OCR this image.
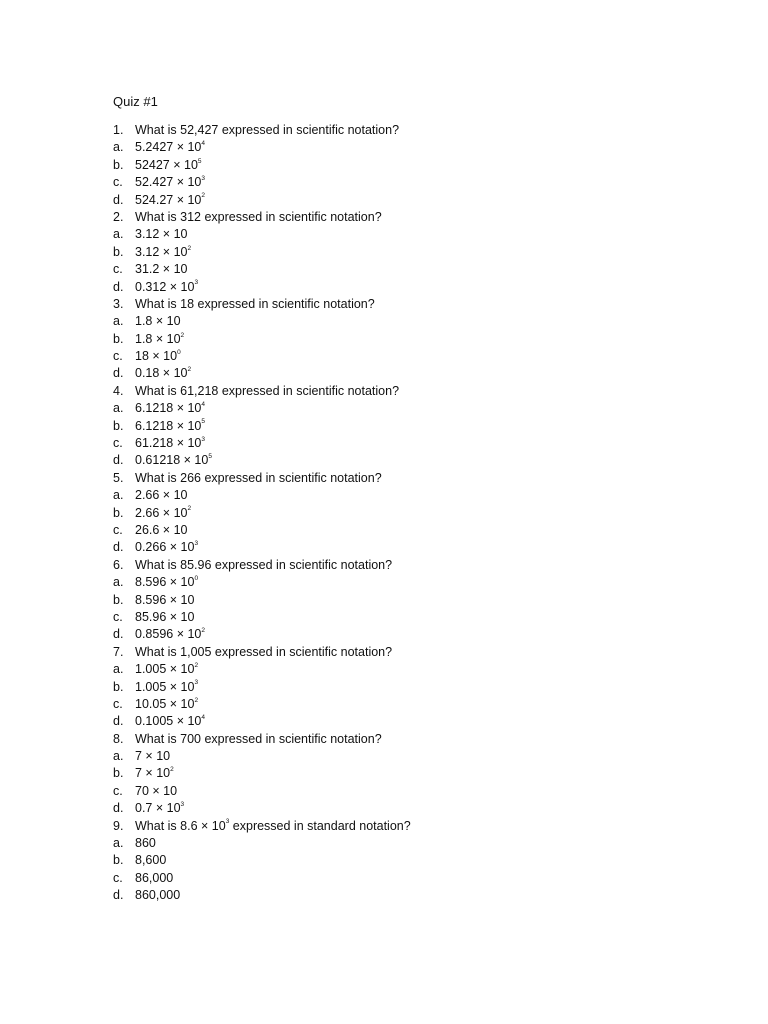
Quiz #1
1. What is 52,427 expressed in scientific notation?
a. $5.2427 \times 10^4$
b. $52427 \times 10^5$
c. $52.427 \times 10^3$
d. $524.27 \times 10^2$
2. What is 312 expressed in scientific notation?
a. 3.12 × 10
b. $3.12 \times 10^2$
c. 31.2 × 10
d. $0.312 \times 10^3$
3. What is 18 expressed in scientific notation?
a. 1.8 × 10
b. $1.8 \times 10^2$
c. $18 \times 10^0$
d. $0.18 \times 10^2$
4. What is 61,218 expressed in scientific notation?
a. $6.1218 \times 10^4$
b. $6.1218 \times 10^5$
c. $61.218 \times 10^3$
d. $0.61218 \times 10^5$
5. What is 266 expressed in scientific notation?
a. 2.66 × 10
b. $2.66 \times 10^2$
c. 26.6 × 10
d. $0.266 \times 10^3$
6. What is 85.96 expressed in scientific notation?
a. $8.596 \times 10^0$
b. 8.596 × 10
c. 85.96 × 10
d. $0.8596 \times 10^2$
7. What is 1,005 expressed in scientific notation?
a. $1.005 \times 10^2$
b. $1.005 \times 10^3$
c. $10.05 \times 10^2$
d. $0.1005 \times 10^4$
8. What is 700 expressed in scientific notation?
a. 7 × 10
b. $7 \times 10^2$
c. 70 × 10
d. $0.7 \times 10^3$
9. What is $8.6 \times 10^3$ expressed in standard notation?
a. 860
b. 8,600
c. 86,000
d. 860,000
